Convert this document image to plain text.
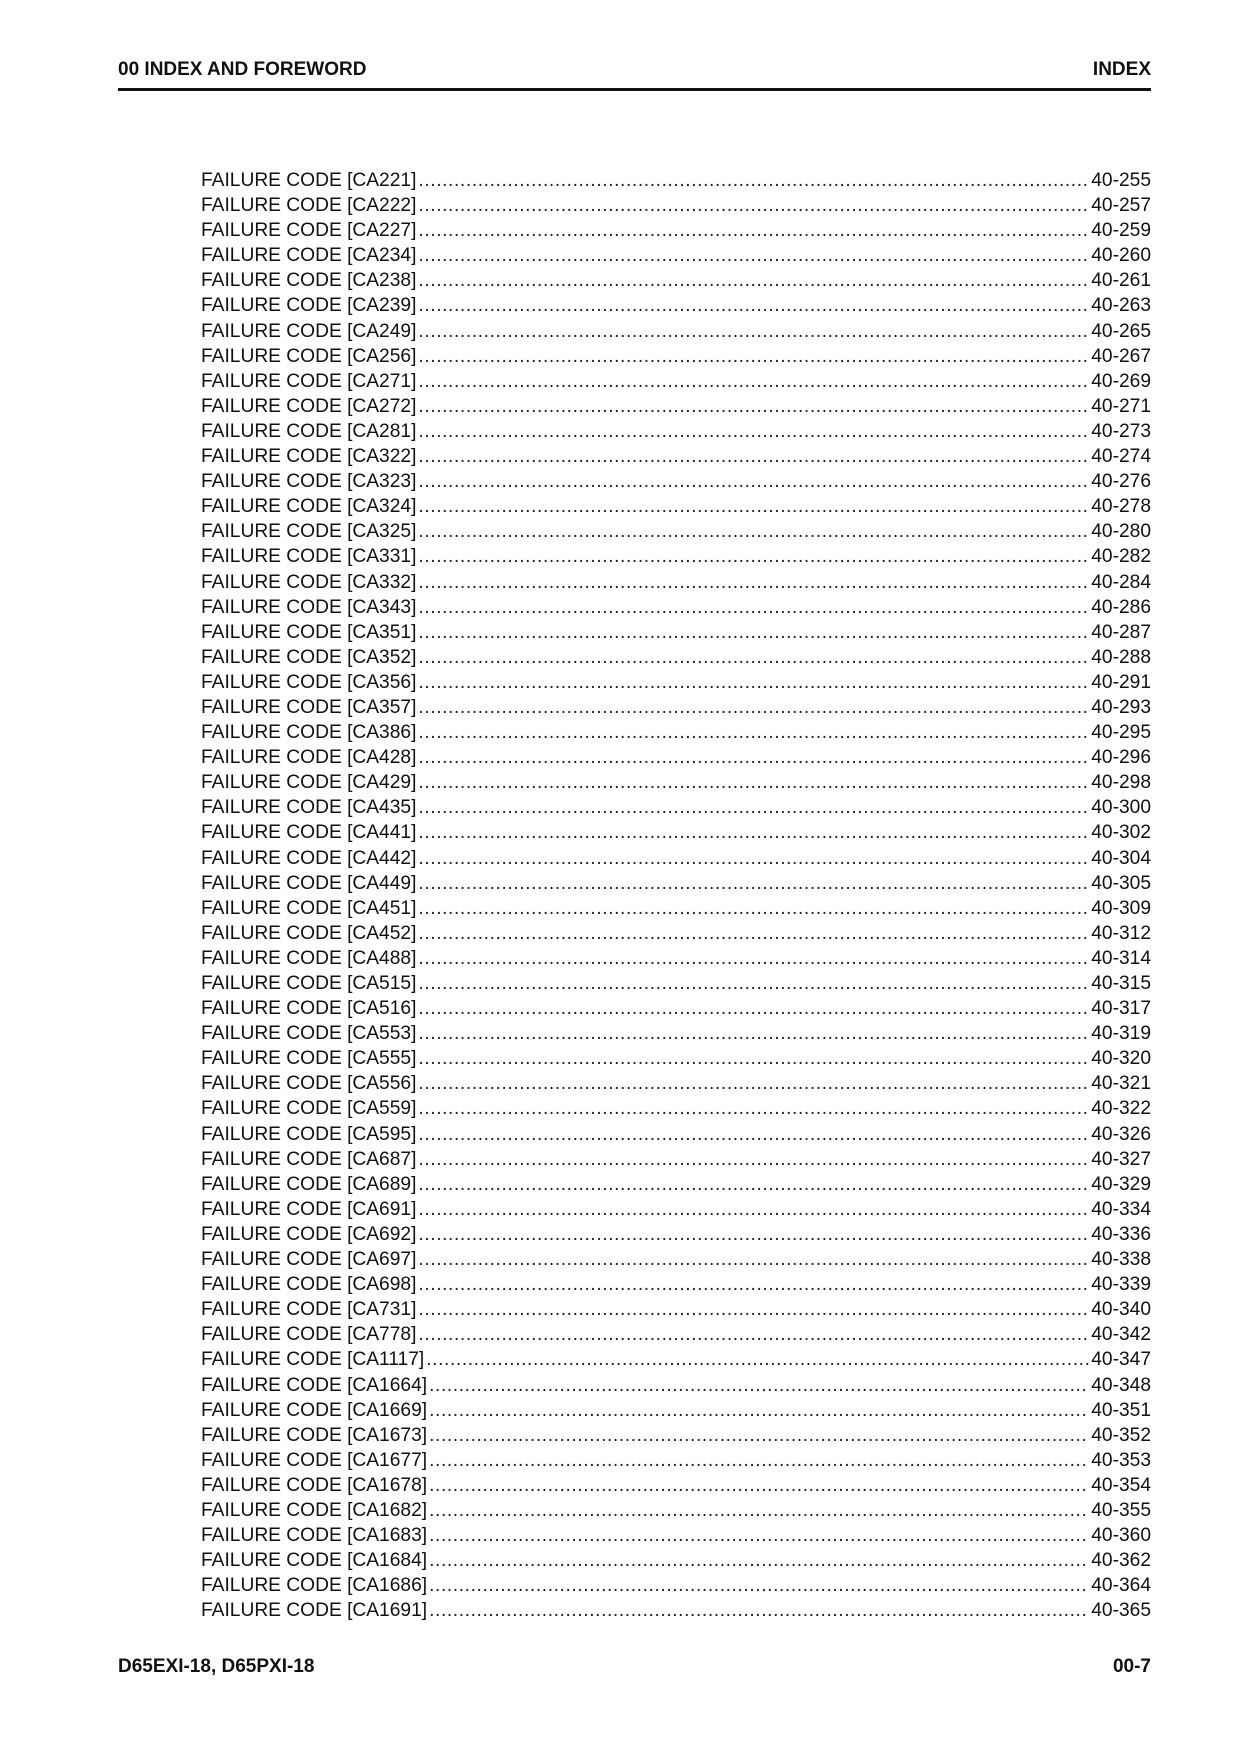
00 INDEX AND FOREWORD	INDEX
FAILURE CODE [CA221] .....	40-255
FAILURE CODE [CA222] .....	40-257
FAILURE CODE [CA227] .....	40-259
FAILURE CODE [CA234] .....	40-260
FAILURE CODE [CA238] .....	40-261
FAILURE CODE [CA239] .....	40-263
FAILURE CODE [CA249] .....	40-265
FAILURE CODE [CA256] .....	40-267
FAILURE CODE [CA271] .....	40-269
FAILURE CODE [CA272] .....	40-271
FAILURE CODE [CA281] .....	40-273
FAILURE CODE [CA322] .....	40-274
FAILURE CODE [CA323] .....	40-276
FAILURE CODE [CA324] .....	40-278
FAILURE CODE [CA325] .....	40-280
FAILURE CODE [CA331] .....	40-282
FAILURE CODE [CA332] .....	40-284
FAILURE CODE [CA343] .....	40-286
FAILURE CODE [CA351] .....	40-287
FAILURE CODE [CA352] .....	40-288
FAILURE CODE [CA356] .....	40-291
FAILURE CODE [CA357] .....	40-293
FAILURE CODE [CA386] .....	40-295
FAILURE CODE [CA428] .....	40-296
FAILURE CODE [CA429] .....	40-298
FAILURE CODE [CA435] .....	40-300
FAILURE CODE [CA441] .....	40-302
FAILURE CODE [CA442] .....	40-304
FAILURE CODE [CA449] .....	40-305
FAILURE CODE [CA451] .....	40-309
FAILURE CODE [CA452] .....	40-312
FAILURE CODE [CA488] .....	40-314
FAILURE CODE [CA515] .....	40-315
FAILURE CODE [CA516] .....	40-317
FAILURE CODE [CA553] .....	40-319
FAILURE CODE [CA555] .....	40-320
FAILURE CODE [CA556] .....	40-321
FAILURE CODE [CA559] .....	40-322
FAILURE CODE [CA595] .....	40-326
FAILURE CODE [CA687] .....	40-327
FAILURE CODE [CA689] .....	40-329
FAILURE CODE [CA691] .....	40-334
FAILURE CODE [CA692] .....	40-336
FAILURE CODE [CA697] .....	40-338
FAILURE CODE [CA698] .....	40-339
FAILURE CODE [CA731] .....	40-340
FAILURE CODE [CA778] .....	40-342
FAILURE CODE [CA1117] .....	40-347
FAILURE CODE [CA1664] .....	40-348
FAILURE CODE [CA1669] .....	40-351
FAILURE CODE [CA1673] .....	40-352
FAILURE CODE [CA1677] .....	40-353
FAILURE CODE [CA1678] .....	40-354
FAILURE CODE [CA1682] .....	40-355
FAILURE CODE [CA1683] .....	40-360
FAILURE CODE [CA1684] .....	40-362
FAILURE CODE [CA1686] .....	40-364
FAILURE CODE [CA1691] .....	40-365
D65EXI-18, D65PXI-18	00-7
